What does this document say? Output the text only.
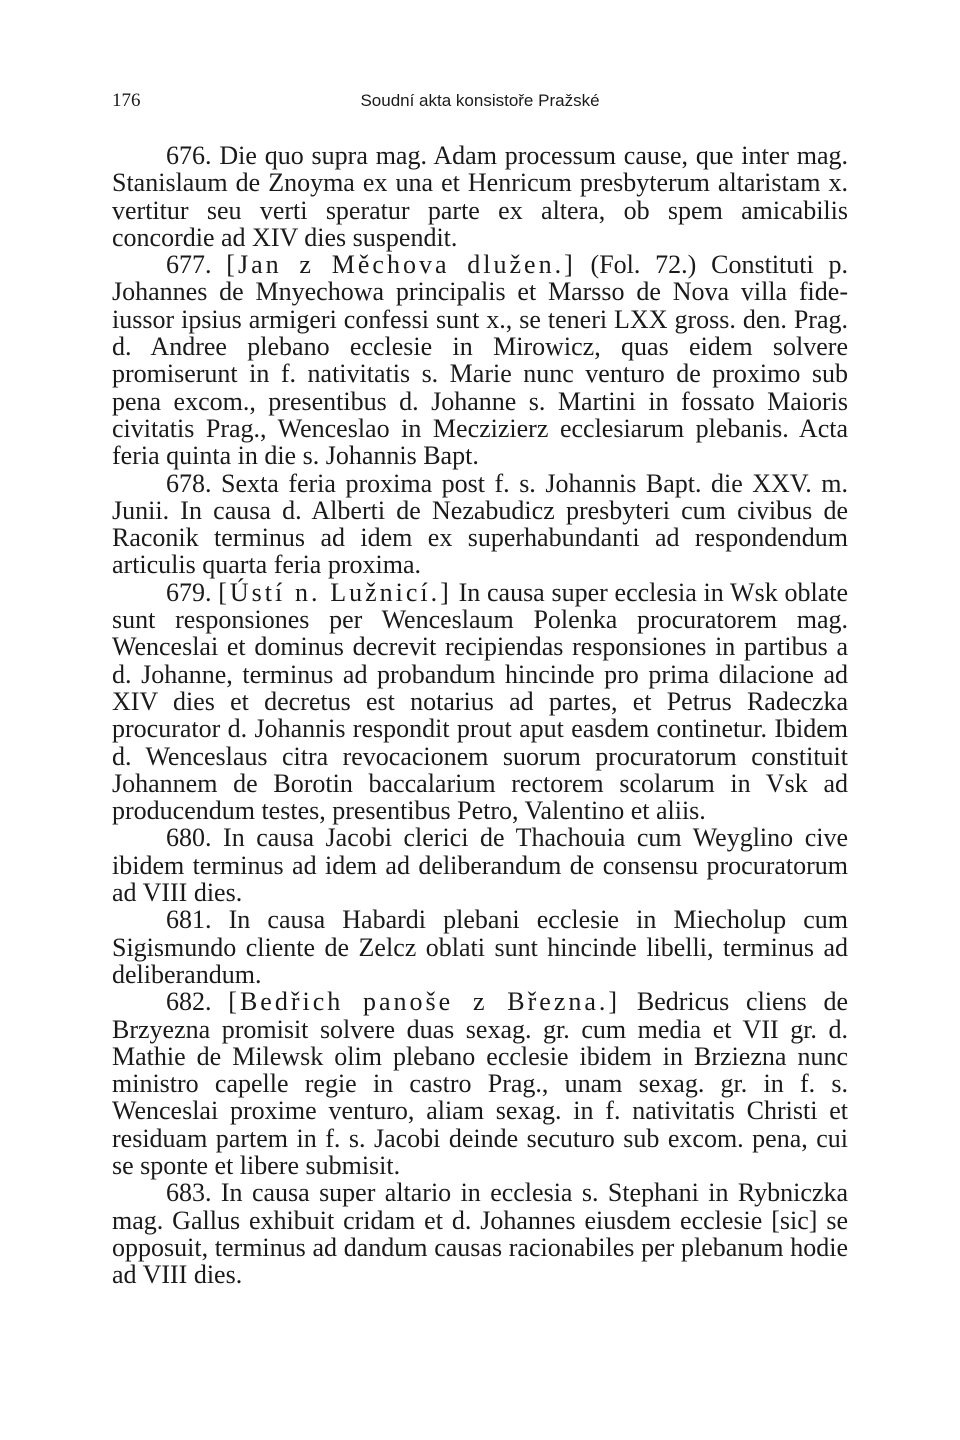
176	Soudní akta konsistoře Pražské

676. Die quo supra mag. Adam processum cause, que inter mag. Stanislaum de Znoyma ex una et Henricum presbyterum altaristam x. vertitur seu verti speratur parte ex altera, ob spem amicabilis concordie ad XIV dies suspendit.

677. [Jan z Měchova dlužen.] (Fol. 72.) Constituti p. Johannes de Mnyechowa principalis et Marsso de Nova villa fideiussor ipsius armigeri confessi sunt x., se teneri LXX gross. den. Prag. d. Andree plebano ecclesie in Mirowicz, quas eidem solvere promiserunt in f. nativitatis s. Marie nunc venturo de proximo sub pena excom., presentibus d. Johanne s. Martini in fossato Maioris civitatis Prag., Wenceslao in Meczizierz ecclesiarum plebanis. Acta feria quinta in die s. Johannis Bapt.

678. Sexta feria proxima post f. s. Johannis Bapt. die XXV. m. Junii. In causa d. Alberti de Nezabudicz presbyteri cum civibus de Raconik terminus ad idem ex superhabundanti ad respondendum articulis quarta feria proxima.

679. [Ústí n. Lužnicí.] In causa super ecclesia in Wsk oblate sunt responsiones per Wenceslaum Polenka procuratorem mag. Wenceslai et dominus decrevit recipiendas responsiones in partibus a d. Johanne, terminus ad probandum hincinde pro prima dilacione ad XIV dies et decretus est notarius ad partes, et Petrus Radeczka procurator d. Johannis respondit prout aput easdem continetur. Ibidem d. Wenceslaus citra revocacionem suorum procuratorum constituit Johannem de Borotin baccalarium rectorem scolarum in Vsk ad producendum testes, presentibus Petro, Valentino et aliis.

680. In causa Jacobi clerici de Thachouia cum Weyglino cive ibidem terminus ad idem ad deliberandum de consensu procuratorum ad VIII dies.

681. In causa Habardi plebani ecclesie in Miecholup cum Sigismundo cliente de Zelcz oblati sunt hincinde libelli, terminus ad deliberandum.

682. [Bedřich panoše z Března.] Bedricus cliens de Brzyezna promisit solvere duas sexag. gr. cum media et VII gr. d. Mathie de Milewsk olim plebano ecclesie ibidem in Brziezna nunc ministro capelle regie in castro Prag., unam sexag. gr. in f. s. Wenceslai proxime venturo, aliam sexag. in f. nativitatis Christi et residuam partem in f. s. Jacobi deinde secuturo sub excom. pena, cui se sponte et libere submisit.

683. In causa super altario in ecclesia s. Stephani in Rybniczka mag. Gallus exhibuit cridam et d. Johannes eiusdem ecclesie [sic] se opposuit, terminus ad dandum causas racionabiles per plebanum hodie ad VIII dies.
